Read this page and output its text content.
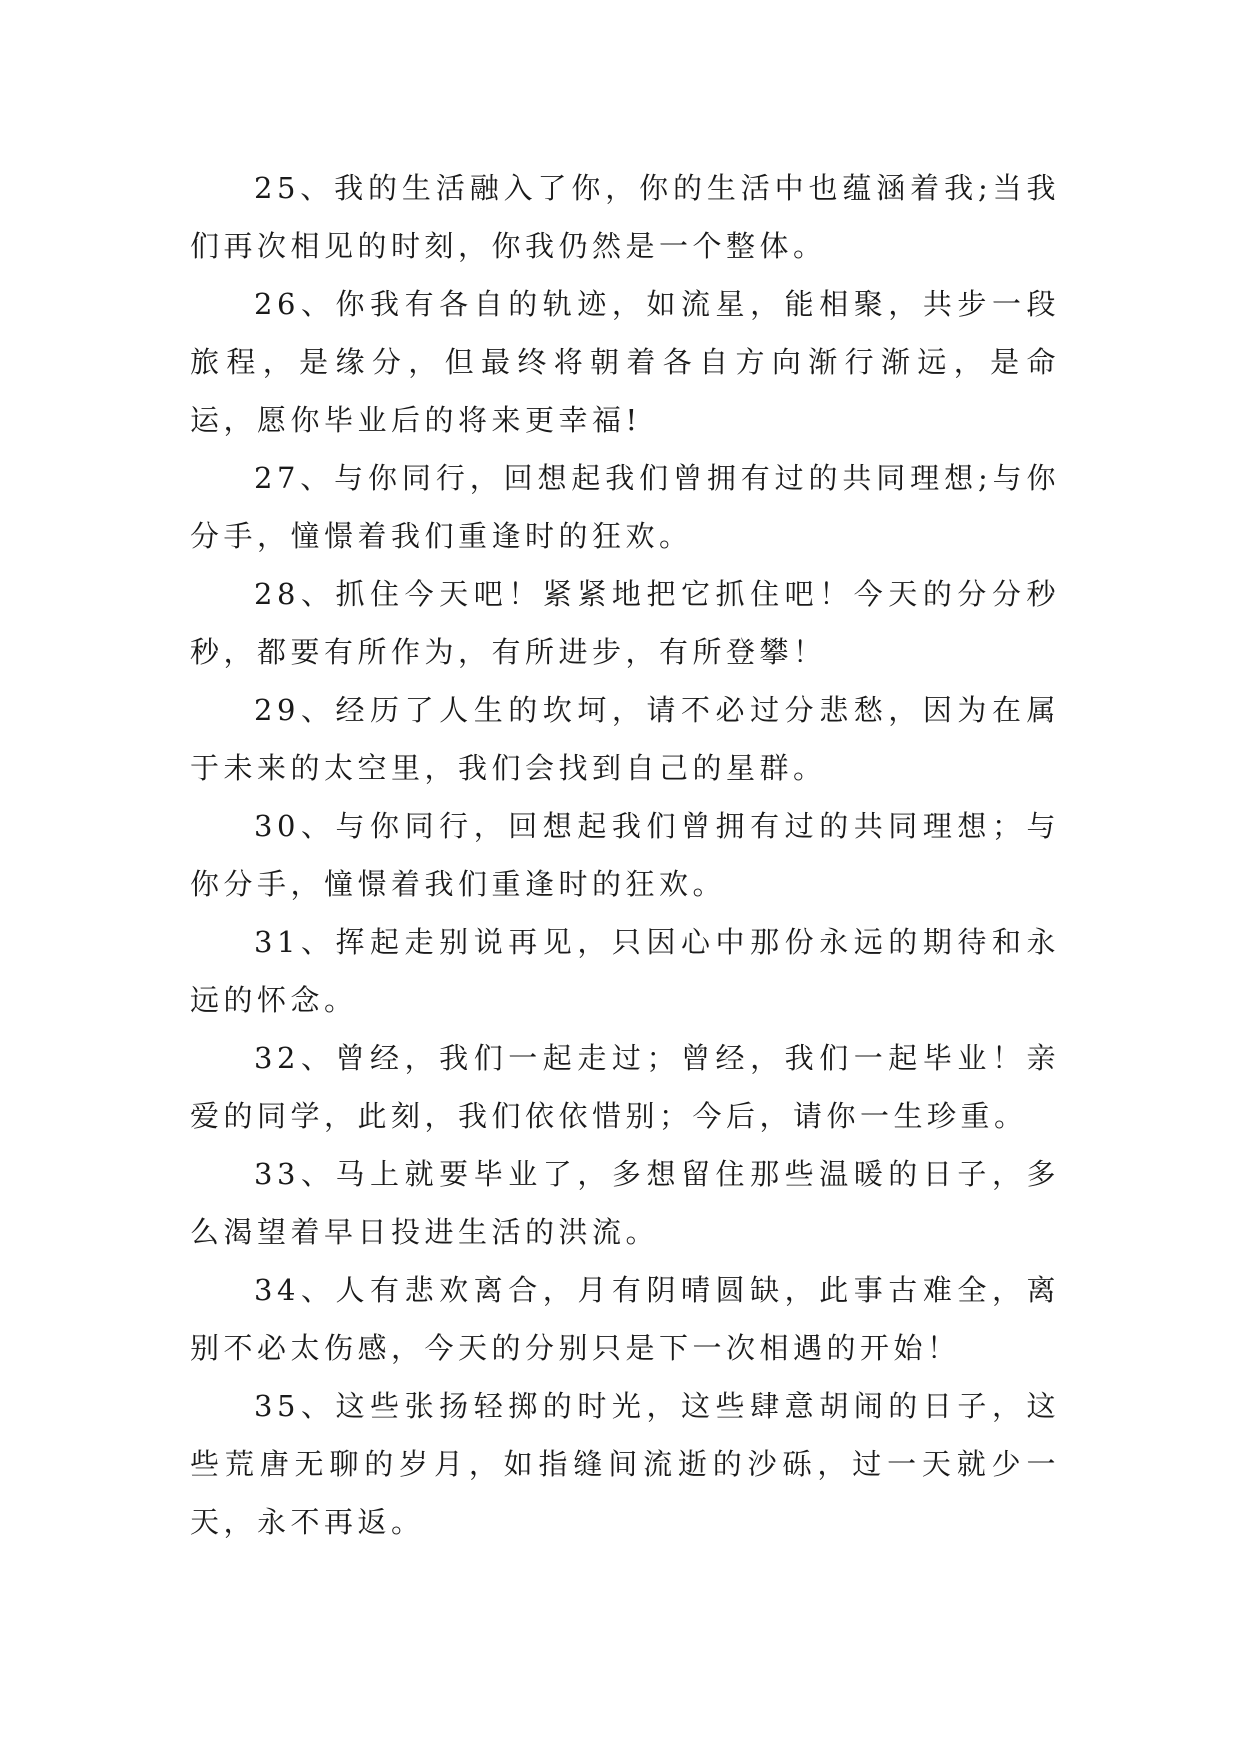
25、我的生活融入了你，你的生活中也蕴涵着我;当我们再次相见的时刻，你我仍然是一个整体。

26、你我有各自的轨迹，如流星，能相聚，共步一段旅程，是缘分，但最终将朝着各自方向渐行渐远，是命运，愿你毕业后的将来更幸福!

27、与你同行，回想起我们曾拥有过的共同理想;与你分手，憧憬着我们重逢时的狂欢。

28、抓住今天吧！紧紧地把它抓住吧！今天的分分秒秒，都要有所作为，有所进步，有所登攀！

29、经历了人生的坎坷，请不必过分悲愁，因为在属于未来的太空里，我们会找到自己的星群。

30、与你同行，回想起我们曾拥有过的共同理想；与你分手，憧憬着我们重逢时的狂欢。

31、挥起走别说再见，只因心中那份永远的期待和永远的怀念。

32、曾经，我们一起走过；曾经，我们一起毕业！亲爱的同学，此刻，我们依依惜别；今后，请你一生珍重。

33、马上就要毕业了，多想留住那些温暖的日子，多么渴望着早日投进生活的洪流。

34、人有悲欢离合，月有阴晴圆缺，此事古难全，离别不必太伤感，今天的分别只是下一次相遇的开始！

35、这些张扬轻掷的时光，这些肆意胡闹的日子，这些荒唐无聊的岁月，如指缝间流逝的沙砾，过一天就少一天，永不再返。
